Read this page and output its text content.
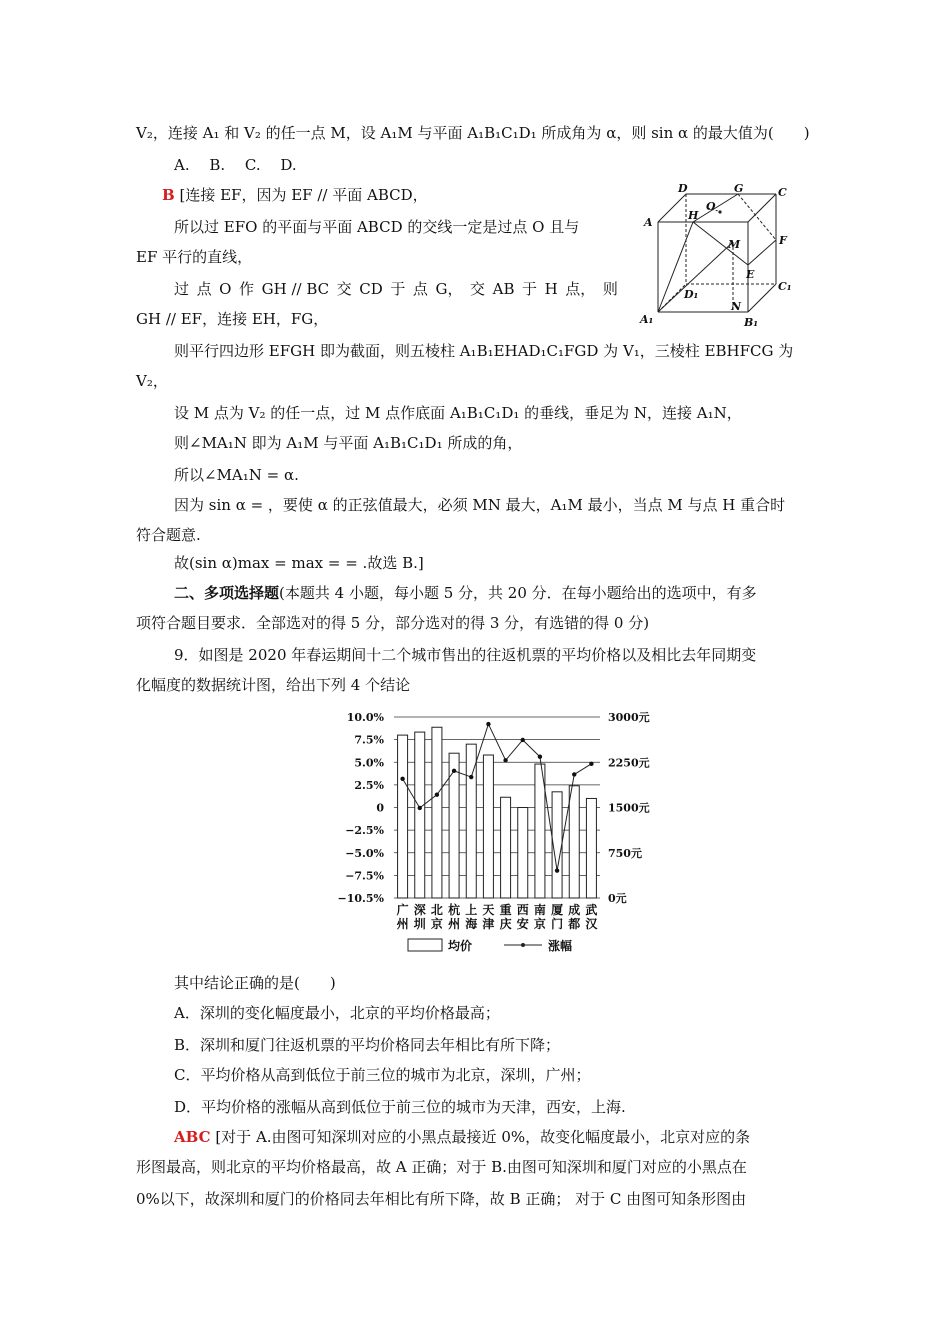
V₂，连接 A₁ 和 V₂ 的任一点 M，设 A₁M 与平面 A₁B₁C₁D₁ 所成角为 α，则 sin α 的最大值为(　　)
A.　 B.　 C.　 D.
B [连接 EF，因为 EF // 平面 ABCD，
所以过 EFO 的平面与平面 ABCD 的交线一定是过点 O 且与
EF 平行的直线，
过 点 O 作 GH // BC 交 CD 于 点 G， 交 AB 于 H 点， 则
GH // EF，连接 EH，FG，
则平行四边形 EFGH 即为截面，则五棱柱 A₁B₁EHAD₁C₁FGD 为 V₁，三棱柱 EBHFCG 为
V₂，
设 M 点为 V₂ 的任一点，过 M 点作底面 A₁B₁C₁D₁ 的垂线，垂足为 N，连接 A₁N，
则∠MA₁N 即为 A₁M 与平面 A₁B₁C₁D₁ 所成的角，
所以∠MA₁N = α.
因为 sin α = ，要使 α 的正弦值最大，必须 MN 最大，A₁M 最小，当点 M 与点 H 重合时
符合题意.
故(sin α)max = max = = .故选 B.]
二、多项选择题(本题共 4 小题，每小题 5 分，共 20 分．在每小题给出的选项中，有多
项符合题目要求．全部选对的得 5 分，部分选对的得 3 分，有选错的得 0 分)
9．如图是 2020 年春运期间十二个城市售出的往返机票的平均价格以及相比去年同期变
化幅度的数据统计图，给出下列 4 个结论
D	G	C
A
H
O
M	F
E
D₁
C₁
N
A₁	B₁
10.0%
7.5%
5.0%
2.5%
0
−2.5%
−5.0%
−7.5%
−10.5%
3000元
2250元
1500元
750元
0元
广
州
深
圳
北
京
杭
州
上
海
天
津
重
庆
西
安
南
京
厦
门
成
都
武
汉
均价	涨幅
其中结论正确的是(　　)
A．深圳的变化幅度最小，北京的平均价格最高；
B．深圳和厦门往返机票的平均价格同去年相比有所下降；
C．平均价格从高到低位于前三位的城市为北京，深圳，广州；
D．平均价格的涨幅从高到低位于前三位的城市为天津，西安，上海.
ABC [对于 A.由图可知深圳对应的小黑点最接近 0%，故变化幅度最小，北京对应的条
形图最高，则北京的平均价格最高，故 A 正确；对于 B.由图可知深圳和厦门对应的小黑点在
0%以下，故深圳和厦门的价格同去年相比有所下降，故 B 正确； 对于 C 由图可知条形图由
